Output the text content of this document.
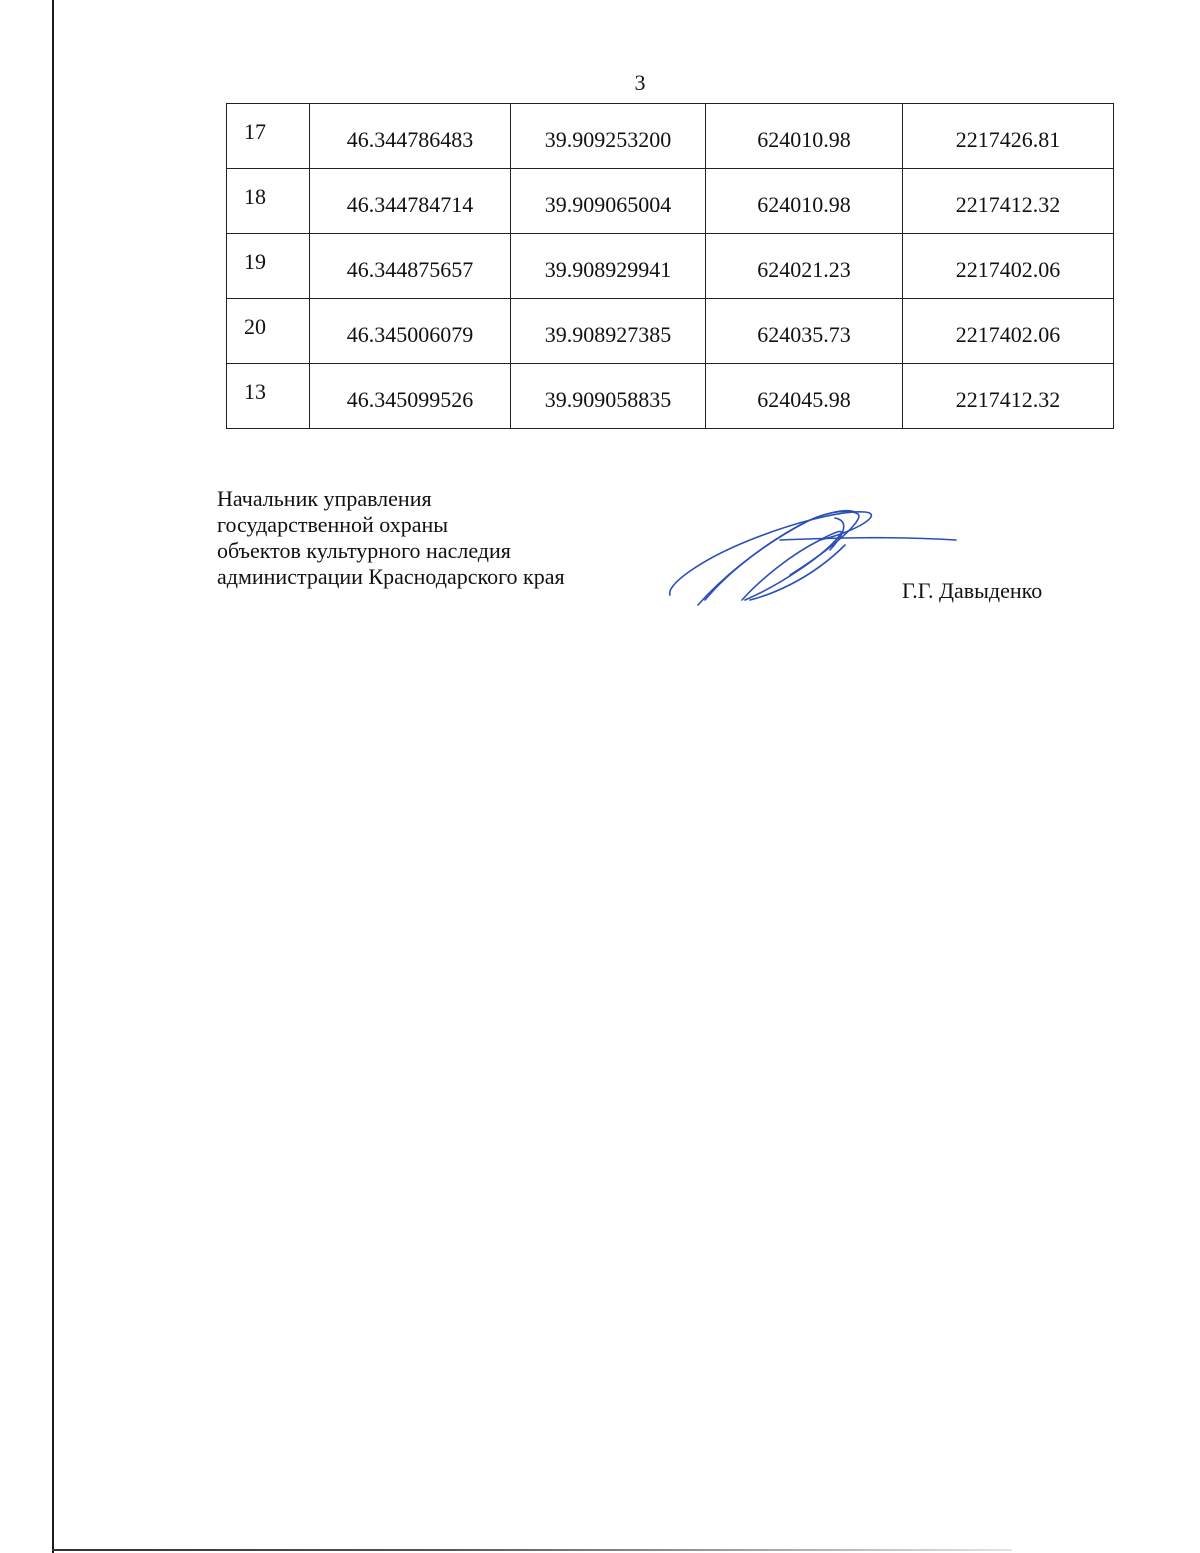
3
17	46.344786483	39.909253200	624010.98	2217426.81
18	46.344784714	39.909065004	624010.98	2217412.32
19	46.344875657	39.908929941	624021.23	2217402.06
20	46.345006079	39.908927385	624035.73	2217402.06
13	46.345099526	39.909058835	624045.98	2217412.32
Начальник управления
государственной охраны
объектов культурного наследия
администрации Краснодарского края
Г.Г. Давыденко
